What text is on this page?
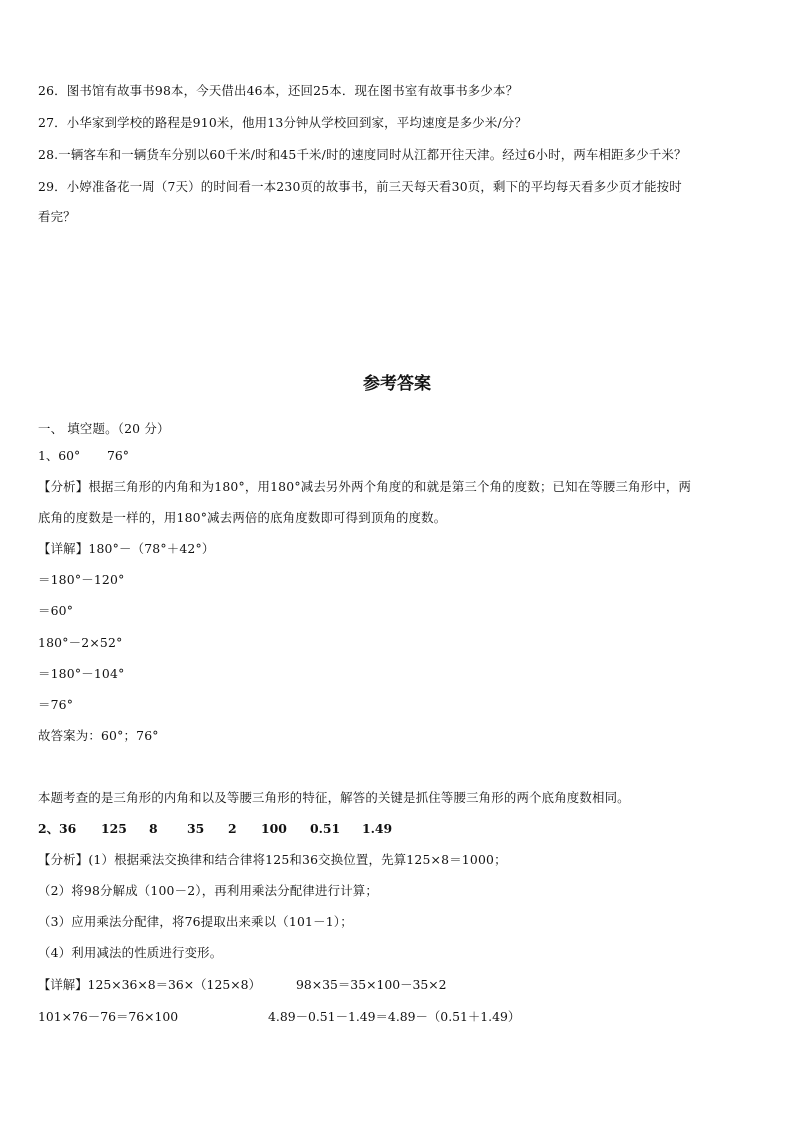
26．图书馆有故事书98本，今天借出46本，还回25本．现在图书室有故事书多少本？
27．小华家到学校的路程是910米，他用13分钟从学校回到家，平均速度是多少米/分？
28.一辆客车和一辆货车分别以60千米/时和45千米/时的速度同时从江都开往天津。经过6小时，两车相距多少千米？
29．小婷准备花一周（7天）的时间看一本230页的故事书，前三天每天看30页，剩下的平均每天看多少页才能按时
看完？
参考答案
一、 填空题。（20 分）
1、60° 76°
【分析】根据三角形的内角和为180°，用180°减去另外两个角度的和就是第三个角的度数；已知在等腰三角形中，两
底角的度数是一样的，用180°减去两倍的底角度数即可得到顶角的度数。
【详解】180°－（78°＋42°）
＝180°－120°
＝60°
180°－2×52°
＝180°－104°
＝76°
故答案为：60°；76°
本题考查的是三角形的内角和以及等腰三角形的特征，解答的关键是抓住等腰三角形的两个底角度数相同。
2、36 125 8 35 2 100 0.51 1.49
【分析】(1）根据乘法交换律和结合律将125和36交换位置，先算125×8＝1000；
（2）将98分解成（100－2），再利用乘法分配律进行计算；
（3）应用乘法分配律，将76提取出来乘以（101－1）；
（4）利用减法的性质进行变形。
【详解】125×36×8＝36×（125×8）	98×35＝35×100－35×2
101×76－76＝76×100	4.89－0.51－1.49＝4.89－（0.51＋1.49）
